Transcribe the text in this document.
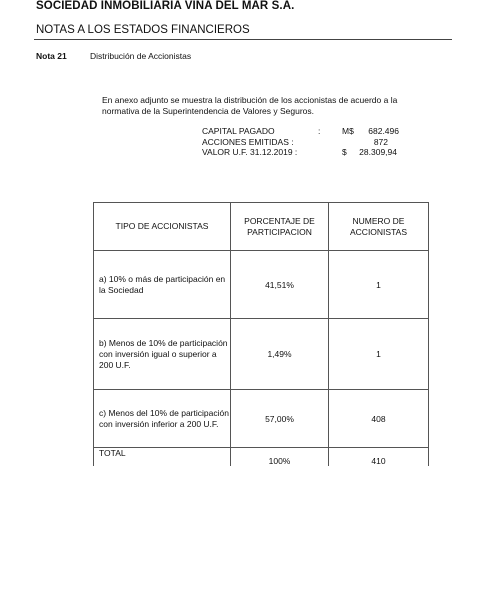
SOCIEDAD INMOBILIARIA VIÑA DEL MAR S.A.
NOTAS A LOS ESTADOS FINANCIEROS
Nota 21	Distribución de Accionistas
En anexo adjunto se muestra la distribución de los accionistas de acuerdo a la
normativa de la Superintendencia de Valores y Seguros.
CAPITAL PAGADO	:	M$ 682.496
ACCIONES EMITIDAS :	872
VALOR U.F. 31.12.2019 :	$ 28.309,94
TIPO DE ACCIONISTAS	PORCENTAJE DE PARTICIPACION	NUMERO DE ACCIONISTAS
a) 10% o más de participación en la Sociedad	41,51%	1
b) Menos de 10% de participación con inversión igual o superior a 200 U.F.	1,49%	1
c) Menos del 10% de participación con inversión inferior a 200 U.F.	57,00%	408
TOTAL	100%	410
